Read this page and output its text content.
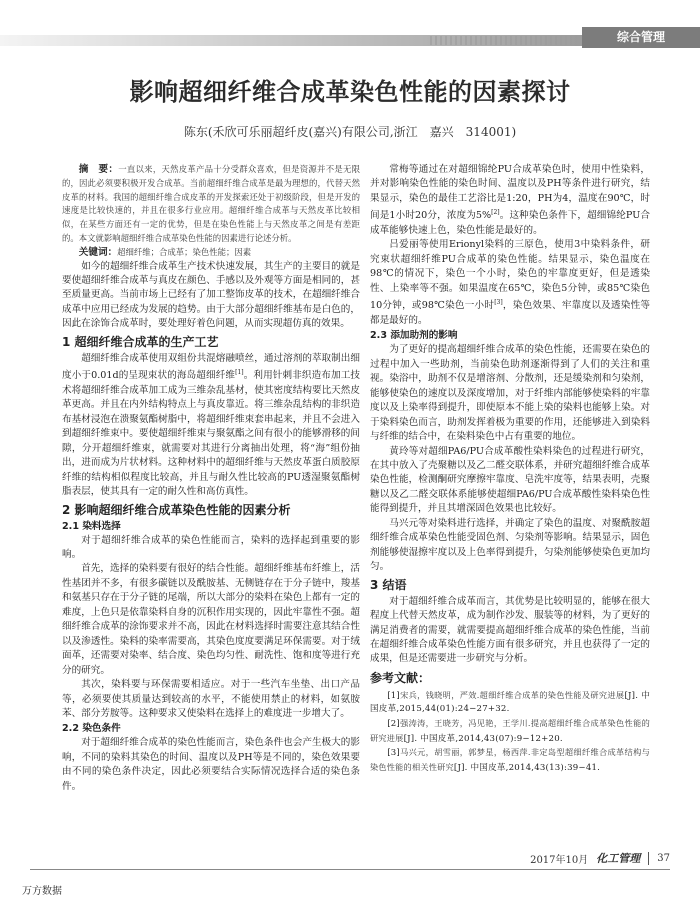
综合管理
影响超细纤维合成革染色性能的因素探讨
陈东(禾欣可乐丽超纤皮(嘉兴)有限公司,浙江　嘉兴　314001)

摘　要：一直以来，天然皮革产品十分受群众喜欢，但是资源并不是无限的，因此必须要积极开发合成革。当前超细纤维合成革是最为理想的，代替天然皮革的材料。我国的超细纤维合成皮革的开发探索还处于初级阶段，但是开发的速度是比较快速的，并且在很多行业应用。超细纤维合成革与天然皮革比较相似，在某些方面还有一定的优势，但是在染色性能上与天然皮革之间是有差距的。本文就影响超细纤维合成革染色性能的因素进行论述分析。

关键词：超细纤维；合成革；染色性能；因素

如今的超细纤维合成革生产技术快速发展，其生产的主要目的就是要使超细纤维合成革与真皮在颜色、手感以及外观等方面是相同的，甚至质量更高。当前市场上已经有了加工整饰皮革的技术，在超细纤维合成革中应用已经成为发展的趋势。由于大部分超细纤维基布是白色的，因此在涂饰合成革时，要处理好着色问题，从而实现超仿真的效果。

1 超细纤维合成革的生产工艺

超细纤维合成革使用双组份共混熔融喷丝，通过溶剂的萃取制出细度小于0.01d的呈现束状的海岛超细纤维[1]。利用针刺非织造布加工技术将超细纤维合成革加工成为三维杂乱基材，使其密度结构要比天然皮革更高。并且在内外结构特点上与真皮靠近。将三维杂乱结构的非织造布基材浸泡在溃聚氨酯树脂中，将超细纤维束套串起来，并且不会进入到超细纤维束中。要使超细纤维束与聚氨酯之间有很小的能够滑移的间隙，分开超细纤维束，就需要对其进行分离抽出处理，将“海”组份抽出，进而成为片状材料。这种材料中的超细纤维与天然皮革蛋白质胶原纤维的结构相似程度比较高，并且与耐久性比较高的PU透湿聚氨酯树脂表层，使其具有一定的耐久性和高仿真性。

2 影响超细纤维合成革染色性能的因素分析
2.1 染料选择

对于超细纤维合成革的染色性能而言，染料的选择起到重要的影响。

首先，选择的染料要有很好的结合性能。超细纤维基布纤维上，活性基团并不多，有很多碳链以及酰胺基、无侧链存在于分子链中，羧基和氨基只存在于分子链的尾端，所以大部分的染料在染色上都有一定的难度，上色只是依靠染料自身的沉积作用实现的，因此牢靠性不强。超细纤维合成革的涂饰要求并不高，因此在材料选择时需要注意其结合性以及渗透性。染料的染率需要高，其染色度度要满足环保需要。对于绒面革，还需要对染率、结合度、染色均匀性、耐洗性、饱和度等进行充分的研究。

其次，染料要与环保需要相适应。对于一些汽车坐垫、出口产品等，必须要使其质量达到较高的水平，不能使用禁止的材料，如氨胺苯、部分芳胺等。这种要求又使染料在选择上的难度进一步增大了。

2.2 染色条件

对于超细纤维合成革的染色性能而言，染色条件也会产生极大的影响，不同的染料其染色的时间、温度以及PH等是不同的，染色效果要由不同的染色条件决定，因此必须要结合实际情况选择合适的染色条件。

常梅等通过在对超细锦纶PU合成革染色时，使用中性染料，并对影响染色性能的染色时间、温度以及PH等条件进行研究，结果显示，染色的最佳工艺浴比是1:20，PH为4，温度在90℃，时间是1小时20分，浓度为5%[2]。这种染色条件下，超细锦纶PU合成革能够快速上色，染色性能是最好的。

吕爱丽等使用Erionyl染料的三原色，使用3中染料条件，研究束状超细纤维PU合成革的染色性能。结果显示，染色温度在98℃的情况下，染色一个小时，染色的牢靠度更好，但是透染性、上染率等不强。如果温度在65℃，染色5分钟，或85℃染色10分钟，或98℃染色一小时[3]，染色效果、牢靠度以及透染性等都是最好的。

2.3 添加助剂的影响

为了更好的提高超细纤维合成革的染色性能，还需要在染色的过程中加入一些助剂，当前染色助剂逐渐得到了人们的关注和重视。染浴中，助剂不仅是增溶剂、分散剂，还是缓染剂和匀染剂，能够使染色的速度以及深度增加，对于纤维内部能够使染料的牢靠度以及上染率得到提升，即使原本不能上染的染料也能够上染。对于染料染色而言，助剂发挥着极为重要的作用，还能够进入到染料与纤维的结合中，在染料染色中占有重要的地位。

黄玲等对超细PA6/PU合成革酸性染料染色的过程进行研究，在其中放入了壳聚糖以及乙二醛交联体系，并研究超细纤维合成革染色性能，检测酮研究摩擦牢靠度、皂洗牢度等，结果表明，壳聚糖以及乙二醛交联体系能够使超细PA6/PU合成革酸性染料染色性能得到提升，并且其增深固色效果也比较好。

马兴元等对染料进行选择，并确定了染色的温度、对聚酰胺超细纤维合成革染色性能受固色剂、匀染剂等影响。结果显示，固色剂能够使湿擦牢度以及上色率得到提升，匀染剂能够使染色更加均匀。

3 结语

对于超细纤维合成革而言，其优势是比较明显的，能够在很大程度上代替天然皮革，成为制作沙发、服装等的材料，为了更好的满足消费者的需要，就需要提高超细纤维合成革的染色性能，当前在超细纤维合成革染色性能方面有很多研究，并且也获得了一定的成果，但是还需要进一步研究与分析。

参考文献：

[1]宋兵，钱晓明，严效.超细纤维合成革的染色性能及研究进展[J]. 中国皮革,2015,44(01):24−27+32.

[2]强涛涛，王晓芳，冯见艳，王学川.提高超细纤维合成革染色性能的研究进展[J]. 中国皮革,2014,43(07):9−12+20.

[3]马兴元，胡雪丽，郭梦星，杨西萍.非定岛型超细纤维合成革结构与染色性能的相关性研究[J]. 中国皮革,2014,43(13):39−41.

2017年10月 化工管理 37
万方数据
